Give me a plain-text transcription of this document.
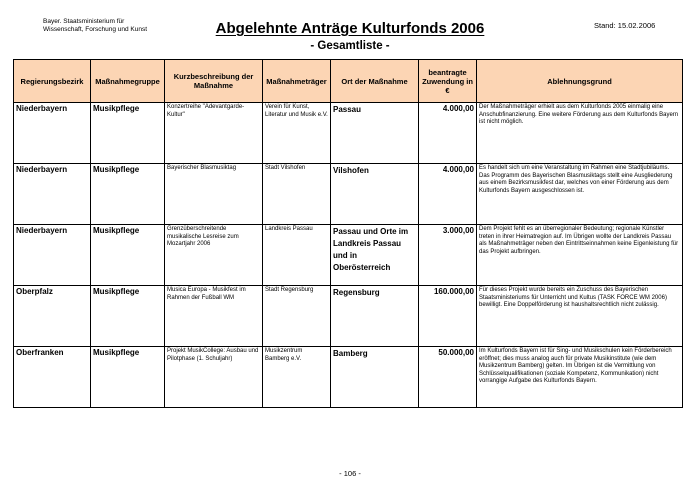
Bayer. Staatsministerium für
Wissenschaft, Forschung und Kunst	Abgelehnte Anträge Kulturfonds 2006
- Gesamtliste -
Stand: 15.02.2006
Regierungsbezirk	Maßnahmegruppe	Kurzbeschreibung der Maßnahme	Maßnahmeträger	Ort der Maßnahme	beantragte Zuwendung in €	Ablehnungsgrund
Niederbayern	Musikpflege	Konzertreihe "Adevantgarde-Kultur"	Verein für Kunst, Literatur und Musik e.V.	Passau	4.000,00	Der Maßnahmeträger erhielt aus dem Kulturfonds 2005 einmalig eine Anschubfinanzierung. Eine weitere Förderung aus dem Kulturfonds Bayern ist nicht möglich.
Niederbayern	Musikpflege	Bayerischer Blasmusiktag	Stadt Vilshofen	Vilshofen	4.000,00	Es handelt sich um eine Veranstaltung im Rahmen eine Stadtjubiläums. Das Programm des Bayerischen Blasmusiktags stellt eine Ausgliederung aus einem Bezirksmusikfest dar, welches von einer Förderung aus dem Kulturfonds Bayern ausgeschlossen ist.
Niederbayern	Musikpflege	Grenzüberschreitende musikalische Lesreise zum Mozartjahr 2006	Landkreis Passau	Passau und Orte im Landkreis Passau und in Oberösterreich	3.000,00	Dem Projekt fehlt es an überregionaler Bedeutung; regionale Künstler treten in ihrer Heimatregion auf. Im Übrigen wollte der Landkreis Passau als Maßnahmeträger neben den Eintrittseinnahmen keine Eigenleistung für das Projekt aufbringen.
Oberpfalz	Musikpflege	Musica Europa - Musikfest im Rahmen der Fußball WM	Stadt Regensburg	Regensburg	160.000,00	Für dieses Projekt wurde bereits ein Zuschuss des Bayerischen Staatsministeriums für Unterricht und Kultus (TASK FORCE WM 2006) bewilligt. Eine Doppelförderung ist haushaltsrechtlich nicht zulässig.
Oberfranken	Musikpflege	Projekt MusikCollege: Ausbau und Pilotphase (1. Schuljahr)	Musikzentrum Bamberg e.V.	Bamberg	50.000,00	Im Kulturfonds Bayern ist für Sing- und Musikschulen kein Förderbereich eröffnet; dies muss analog auch für private Musikinstitute (wie dem Musikzentrum Bamberg) gelten. Im Übrigen ist die Vermittlung von Schlüsselqualifikationen (soziale Kompetenz, Kommunikation) nicht vorrangige Aufgabe des Kulturfonds Bayern.
- 106 -
